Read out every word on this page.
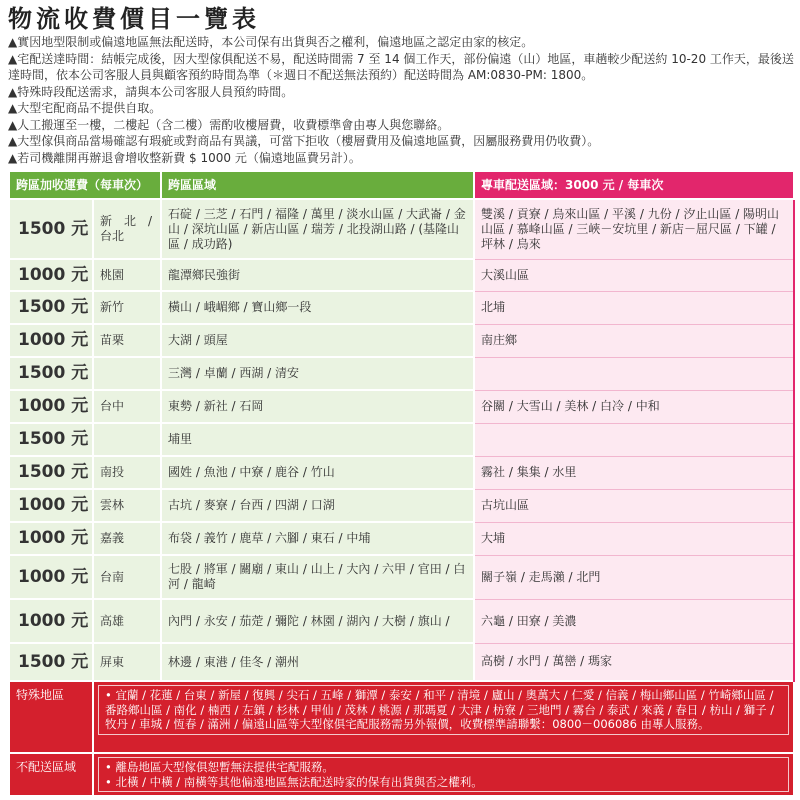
物流收費價目一覽表
▲實因地型限制或偏遠地區無法配送時，本公司保有出貨與否之權利，偏遠地區之認定由家的核定。
▲宅配送達時間：結帳完成後，因大型傢俱配送不易，配送時間需 7 至 14 個工作天，部份偏遠（山）地區，車趟較少配送約 10-20 工作天，最後送達時間，依本公司客服人員與顧客預約時間為準（＊週日不配送無法預約）配送時間為 AM:0830-PM: 1800。
▲特殊時段配送需求，請與本公司客服人員預約時間。
▲大型宅配商品不提供自取。
▲人工搬運至一樓，二樓起（含二樓）需酌收樓層費，收費標準會由專人與您聯絡。
▲大型傢俱商品當場確認有瑕疵或對商品有異議，可當下拒收（樓層費用及偏遠地區費，因屬服務費用仍收費）。
▲若司機離開再辦退會增收整新費 $ 1000 元（偏遠地區費另計）。
跨區加收運費（每車次）		跨區區域	專車配送區域：3000 元 / 每車次
1500 元	新　北　/ 台北	石碇 / 三芝 / 石門 / 福隆 / 萬里 / 淡水山區 / 大武崙 / 金山 / 深坑山區 / 新店山區 / 瑞芳 / 北投湖山路 / (基隆山區 / 成功路)	雙溪 / 貢寮 / 烏來山區 / 平溪 / 九份 / 汐止山區 / 陽明山山區 / 慕峰山區 / 三峽－安坑里 / 新店－屈尺區 / 下罐 / 坪林 / 烏來
1000 元	桃園	龍潭鄉民強街	大溪山區
1500 元	新竹	橫山 / 峨嵋鄉 / 寶山鄉一段	北埔
1000 元	苗栗	大湖 / 頭屋	南庄鄉
1500 元		三灣 / 卓蘭 / 西湖 / 清安	
1000 元	台中	東勢 / 新社 / 石岡	谷關 / 大雪山 / 美林 / 白冷 / 中和
1500 元		埔里	
1500 元	南投	國姓 / 魚池 / 中寮 / 鹿谷 / 竹山	霧社 / 集集 / 水里
1000 元	雲林	古坑 / 麥寮 / 台西 / 四湖 / 口湖	古坑山區
1000 元	嘉義	布袋 / 義竹 / 鹿草 / 六腳 / 東石 / 中埔	大埔
1000 元	台南	七股 / 將軍 / 關廟 / 東山 / 山上 / 大內 / 六甲 / 官田 / 白河 / 龍崎	關子嶺 / 走馬瀨 / 北門
1000 元	高雄	內門 / 永安 / 茄萣 / 彌陀 / 林園 / 湖內 / 大樹 / 旗山 /	六龜 / 田寮 / 美濃
1500 元	屏東	林邊 / 東港 / 佳冬 / 潮州	高樹 / 水門 / 萬巒 / 瑪家
特殊地區	• 宜蘭 / 花蓮 / 台東 / 新屋 / 復興 / 尖石 / 五峰 / 獅潭 / 泰安 / 和平 / 清境 / 廬山 / 奧萬大 / 仁愛 / 信義 / 梅山鄉山區 / 竹崎鄉山區 / 番路鄉山區 / 南化 / 楠西 / 左鎮 / 杉林 / 甲仙 / 茂林 / 桃源 / 那瑪夏 / 大津 / 枋寮 / 三地門 / 霧台 / 泰武 / 來義 / 春日 / 枋山 / 獅子 / 牧丹 / 車城 / 恆春 / 滿洲 / 偏遠山區等大型傢俱宅配服務需另外報價，收費標準請聯繫：0800－006086 由專人服務。		

不配送區域	• 離島地區大型傢俱恕暫無法提供宅配服務。
• 北橫 / 中橫 / 南橫等其他偏遠地區無法配送時家的保有出貨與否之權利。		
